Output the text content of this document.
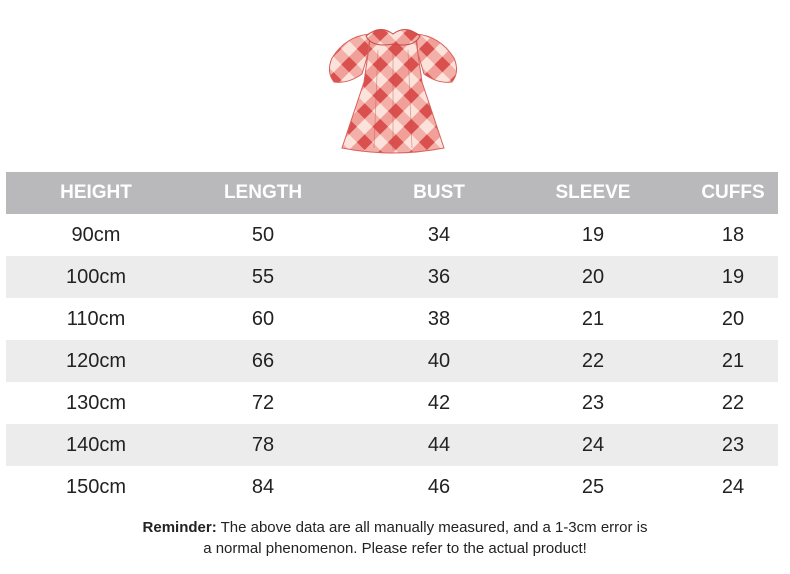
HEIGHT	LENGTH	BUST	SLEEVE	CUFFS
90cm	50	34	19	18
100cm	55	36	20	19
110cm	60	38	21	20
120cm	66	40	22	21
130cm	72	42	23	22
140cm	78	44	24	23
150cm	84	46	25	24
Reminder: The above data are all manually measured, and a 1-3cm error is
a normal phenomenon. Please refer to the actual product!
